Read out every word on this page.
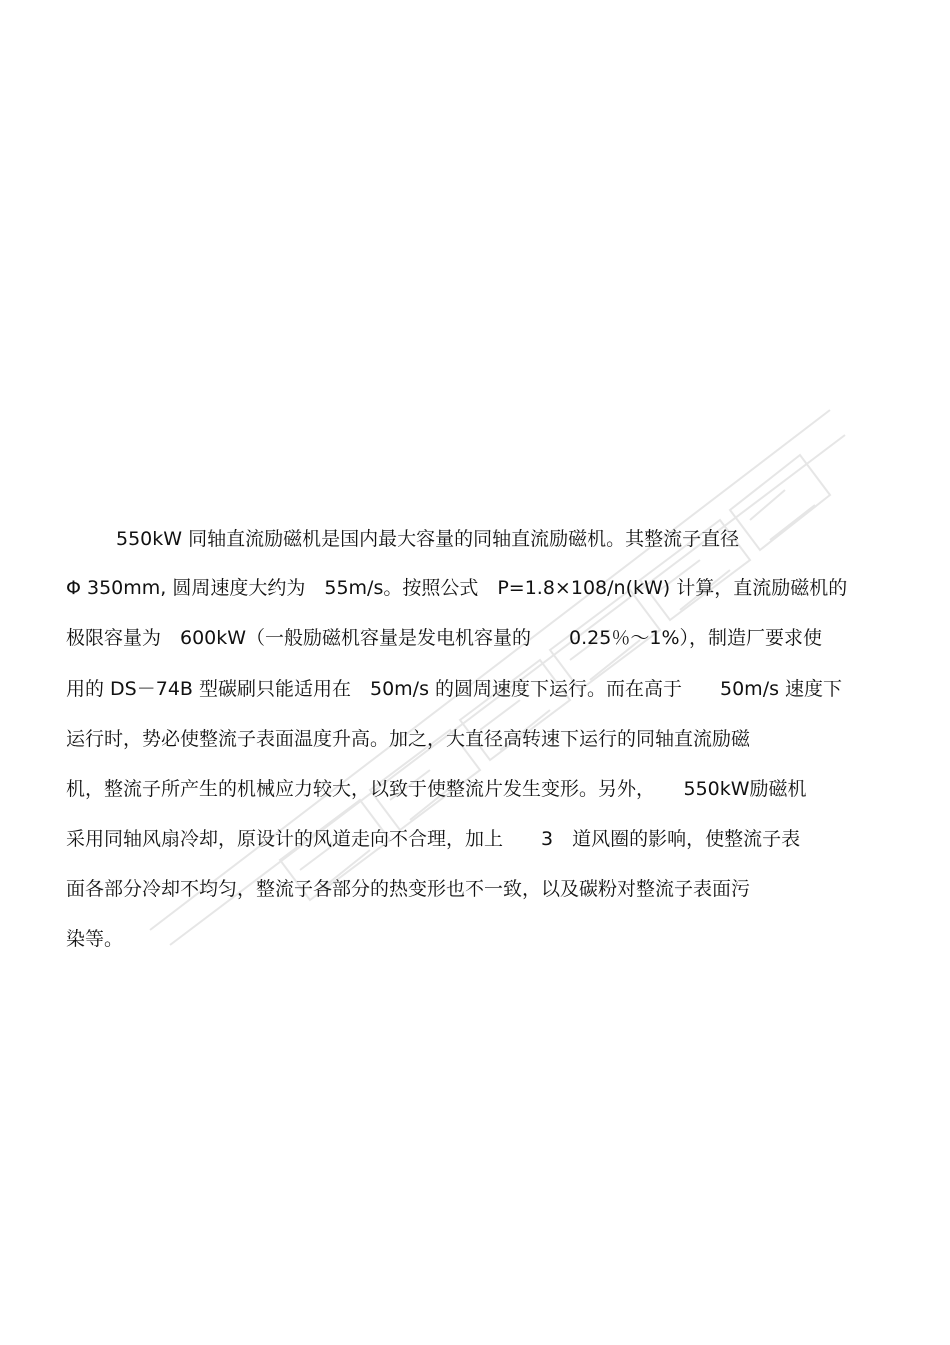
550kW 同轴直流励磁机是国内最大容量的同轴直流励磁机。其整流子直径
Φ 350mm, 圆周速度大约为　55m/s。按照公式　P=1.8×108/n(kW) 计算，直流励磁机的
极限容量为　600kW（一般励磁机容量是发电机容量的　　0.25％～1%），制造厂要求使
用的 DS－74B 型碳刷只能适用在　50m/s 的圆周速度下运行。而在高于　　50m/s 速度下
运行时，势必使整流子表面温度升高。加之，大直径高转速下运行的同轴直流励磁
机，整流子所产生的机械应力较大，以致于使整流片发生变形。另外，　　550kW励磁机
采用同轴风扇冷却，原设计的风道走向不合理，加上　　3　道风圈的影响，使整流子表
面各部分冷却不均匀，整流子各部分的热变形也不一致，以及碳粉对整流子表面污
染等。
